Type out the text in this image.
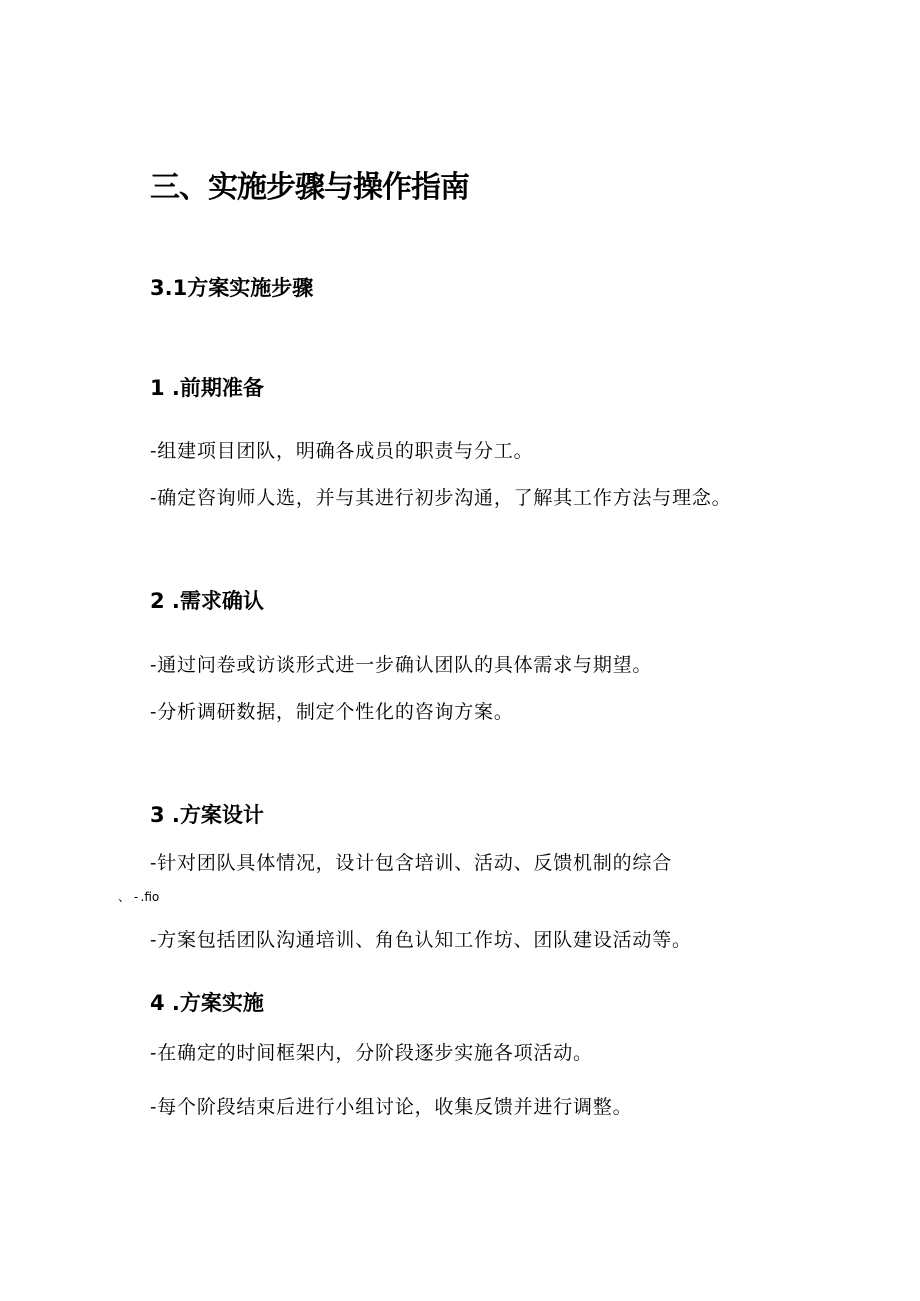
三、实施步骤与操作指南
3.1方案实施步骤
1 .前期准备
-组建项目团队，明确各成员的职责与分工。
-确定咨询师人选，并与其进行初步沟通，了解其工作方法与理念。
2 .需求确认
-通过问卷或访谈形式进一步确认团队的具体需求与期望。
-分析调研数据，制定个性化的咨询方案。
3 .方案设计
-针对团队具体情况，设计包含培训、活动、反馈机制的综合
、 - .fio
-方案包括团队沟通培训、角色认知工作坊、团队建设活动等。
4 .方案实施
-在确定的时间框架内，分阶段逐步实施各项活动。
-每个阶段结束后进行小组讨论，收集反馈并进行调整。
